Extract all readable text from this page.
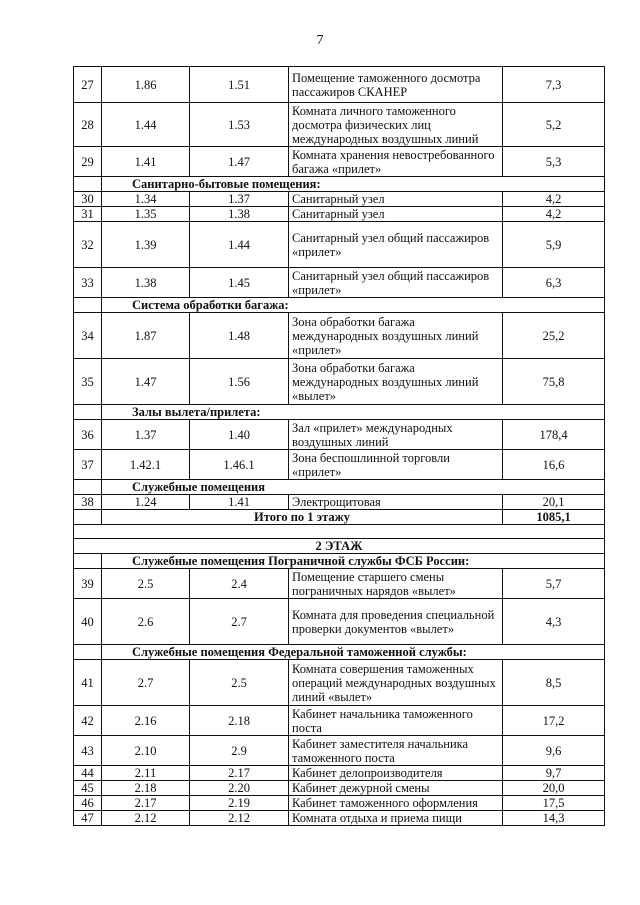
7
27	1.86	1.51	Помещение таможенного досмотра пассажиров СКАНЕР	7,3
28	1.44	1.53	Комната личного таможенного досмотра физических лиц международных воздушных линий	5,2
29	1.41	1.47	Комната хранения невостребованного багажа «прилет»	5,3
	Санитарно-бытовые помещения:			
30	1.34	1.37	Санитарный узел	4,2
31	1.35	1.38	Санитарный узел	4,2
32	1.39	1.44	Санитарный узел общий пассажиров «прилет»	5,9
33	1.38	1.45	Санитарный узел общий пассажиров «прилет»	6,3
	Система обработки багажа:			
34	1.87	1.48	Зона обработки багажа международных воздушных линий «прилет»	25,2
35	1.47	1.56	Зона обработки багажа международных воздушных линий «вылет»	75,8
	Залы вылета/прилета:			
36	1.37	1.40	Зал «прилет» международных воздушных линий	178,4
37	1.42.1	1.46.1	Зона беспошлинной торговли «прилет»	16,6
	Служебные помещения			
38	1.24	1.41	Электрощитовая	20,1
	Итого по 1 этажу			1085,1

2 ЭТАЖ				
	Служебные помещения Пограничной службы ФСБ России:			
39	2.5	2.4	Помещение старшего смены пограничных нарядов «вылет»	5,7
40	2.6	2.7	Комната для проведения специальной проверки документов «вылет»	4,3
	Служебные помещения Федеральной таможенной службы:			
41	2.7	2.5	Комната совершения таможенных операций международных воздушных линий «вылет»	8,5
42	2.16	2.18	Кабинет начальника таможенного поста	17,2
43	2.10	2.9	Кабинет заместителя начальника таможенного поста	9,6
44	2.11	2.17	Кабинет делопроизводителя	9,7
45	2.18	2.20	Кабинет дежурной смены	20,0
46	2.17	2.19	Кабинет таможенного оформления	17,5
47	2.12	2.12	Комната отдыха и приема пищи	14,3
